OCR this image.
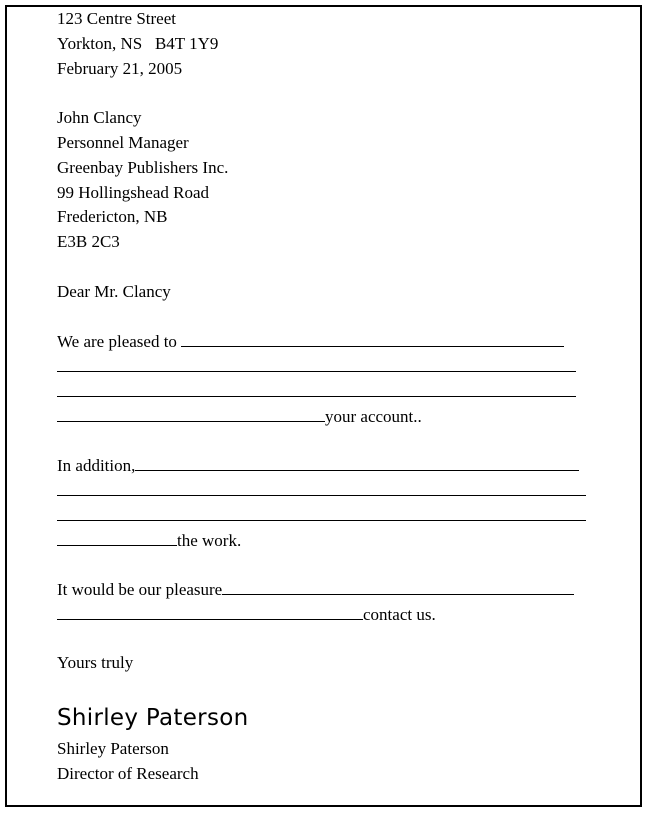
123 Centre Street
Yorkton, NS   B4T 1Y9
February 21, 2005
John Clancy
Personnel Manager
Greenbay Publishers Inc.
99 Hollingshead Road
Fredericton, NB
E3B 2C3
Dear Mr. Clancy
We are pleased to
your account..
In addition,
the work.
It would be our pleasure
contact us.
Yours truly
Shirley Paterson
Shirley Paterson
Director of Research
